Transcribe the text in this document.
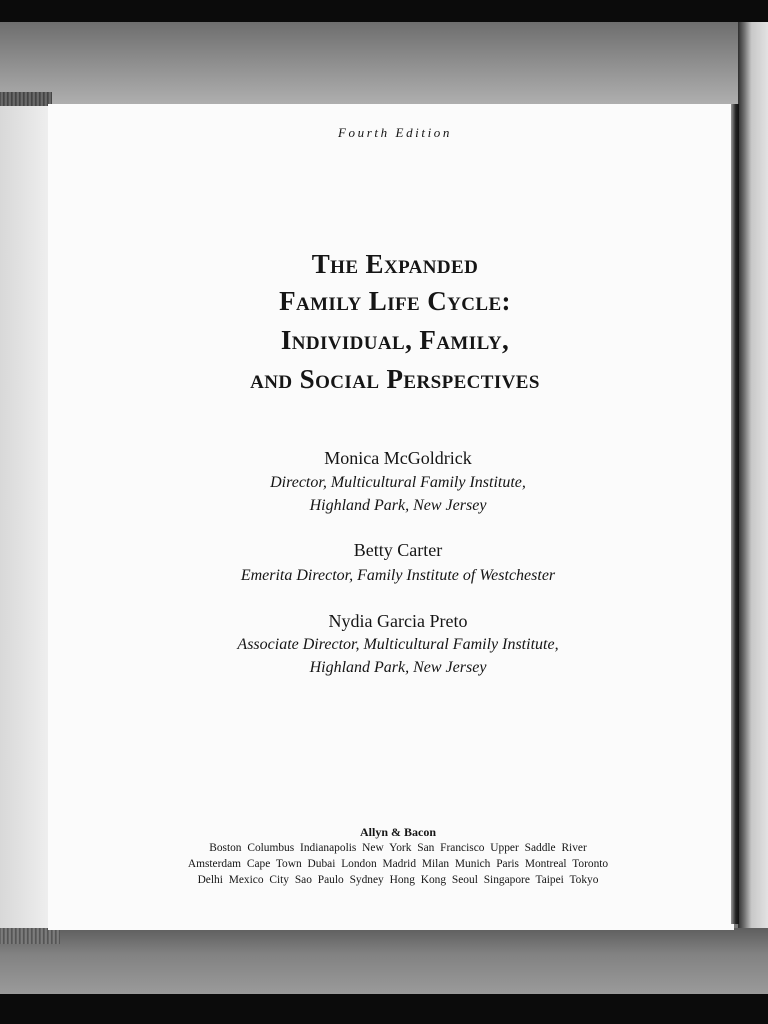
Fourth Edition
The Expanded
Family Life Cycle:
Individual, Family,
and Social Perspectives
Monica McGoldrick
Director, Multicultural Family Institute,
Highland Park, New Jersey
Betty Carter
Emerita Director, Family Institute of Westchester
Nydia Garcia Preto
Associate Director, Multicultural Family Institute,
Highland Park, New Jersey
Allyn & Bacon
Boston Columbus Indianapolis New York San Francisco Upper Saddle River
Amsterdam Cape Town Dubai London Madrid Milan Munich Paris Montreal Toronto
Delhi Mexico City Sao Paulo Sydney Hong Kong Seoul Singapore Taipei Tokyo
